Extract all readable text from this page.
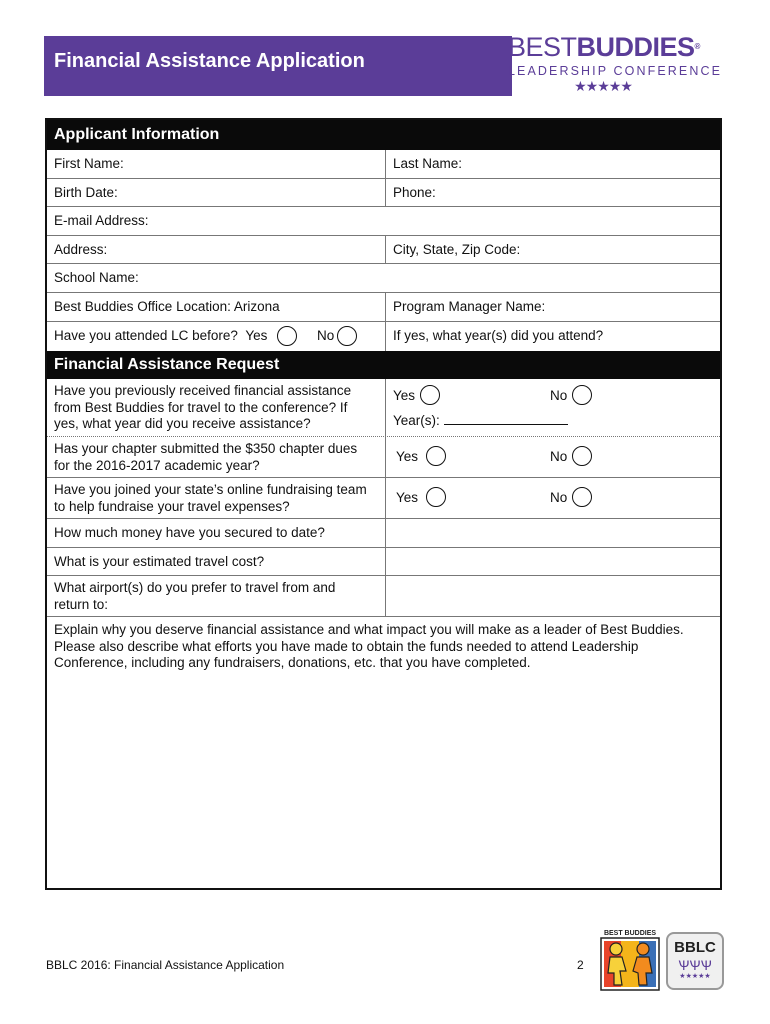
Financial Assistance Application	BESTBUDDIES®
LEADERSHIP CONFERENCE
★★★★★
Applicant Information
First Name:	Last Name:
Birth Date:	Phone:
E-mail Address:
Address:	City, State, Zip Code:
School Name:
Best Buddies Office Location: Arizona	Program Manager Name:
Have you attended LC before? Yes	No	If yes, what year(s) did you attend?
Financial Assistance Request
Have you previously received financial assistance from Best Buddies for travel to the conference? If yes, what year did you receive assistance?
Yes	No
Year(s):
Has your chapter submitted the $350 chapter dues for the 2016-2017 academic year?
Yes	No
Have you joined your state’s online fundraising team to help fundraise your travel expenses?
Yes	No
How much money have you secured to date?
What is your estimated travel cost?
What airport(s) do you prefer to travel from and return to:
Explain why you deserve financial assistance and what impact you will make as a leader of Best Buddies. Please also describe what efforts you have made to obtain the funds needed to attend Leadership Conference, including any fundraisers, donations, etc. that you have completed.
BBLC 2016: Financial Assistance Application	2
BEST BUDDIES
BBLC
ѰѰѰ
★★★★★
